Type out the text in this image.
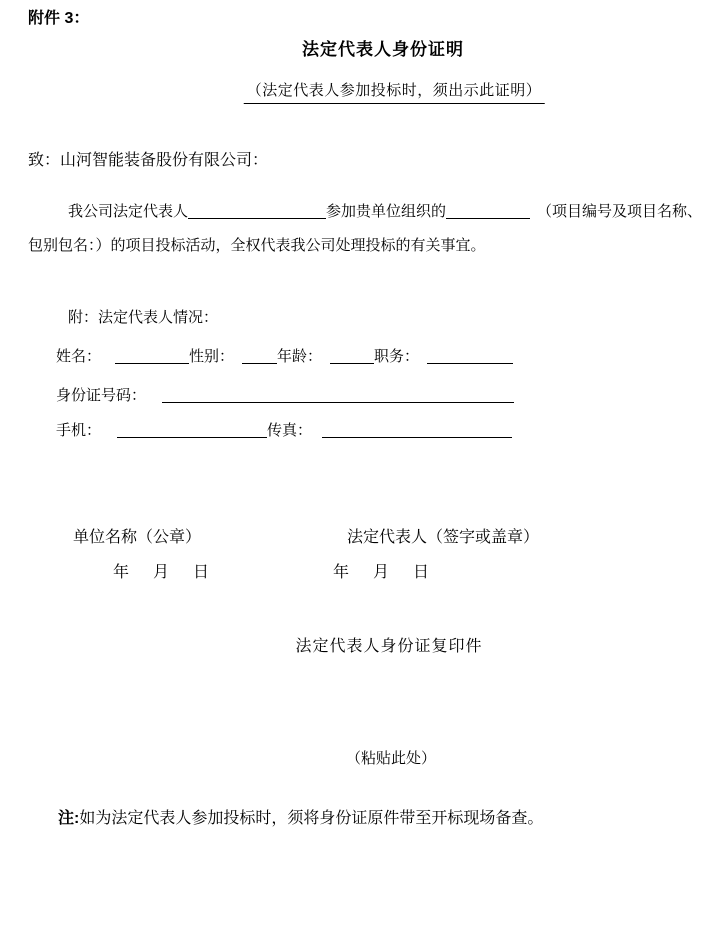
附件 3：
法定代表人身份证明
（法定代表人参加投标时，须出示此证明）
致：山河智能装备股份有限公司：
我公司法定代表人	参加贵单位组织的	（项目编号及项目名称、
包别包名：）的项目投标活动，全权代表我公司处理投标的有关事宜。
附：法定代表人情况：
姓名：	性别：	年龄：	职务：
身份证号码：
手机：	传真：
单位名称（公章）	法定代表人（签字或盖章）
年　月　日	年　月　日
法定代表人身份证复印件
（粘贴此处）
注:如为法定代表人参加投标时，须将身份证原件带至开标现场备查。
